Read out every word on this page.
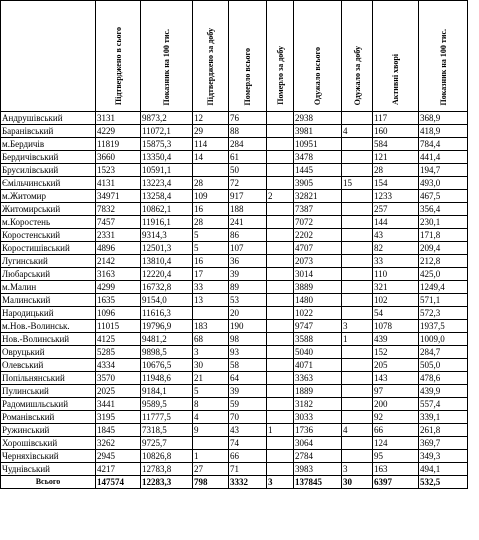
	Підтверджено в сього	Показник на 100 тис.	Підтверджено за добу	Померло всього	Померло за добу	Одужало всього	Одужало за добу	Активні хворі	Показник на 100 тис.
Андрушівський	3131	9873,2	12	76		2938		117	368,9
Баранівський	4229	11072,1	29	88		3981	4	160	418,9
м.Бердичів	11819	15875,3	114	284		10951		584	784,4
Бердичівський	3660	13350,4	14	61		3478		121	441,4
Брусилівський	1523	10591,1		50		1445		28	194,7
Ємільчинський	4131	13223,4	28	72		3905	15	154	493,0
м.Житомир	34971	13258,4	109	917	2	32821		1233	467,5
Житомирський	7832	10862,1	16	188		7387		257	356,4
м.Коростень	7457	11916,1	28	241		7072		144	230,1
Коростенський	2331	9314,3	5	86		2202		43	171,8
Коростишівський	4896	12501,3	5	107		4707		82	209,4
Лугинський	2142	13810,4	16	36		2073		33	212,8
Любарський	3163	12220,4	17	39		3014		110	425,0
м.Малин	4299	16732,8	33	89		3889		321	1249,4
Малинський	1635	9154,0	13	53		1480		102	571,1
Народицький	1096	11616,3		20		1022		54	572,3
м.Нов.-Волинськ.	11015	19796,9	183	190		9747	3	1078	1937,5
Нов.-Волинський	4125	9481,2	68	98		3588	1	439	1009,0
Овруцький	5285	9898,5	3	93		5040		152	284,7
Олевський	4334	10676,5	30	58		4071		205	505,0
Попільнянський	3570	11948,6	21	64		3363		143	478,6
Пулинський	2025	9184,1	5	39		1889		97	439,9
Радомишльський	3441	9589,5	8	59		3182		200	557,4
Романівський	3195	11777,5	4	70		3033		92	339,1
Ружинський	1845	7318,5	9	43	1	1736	4	66	261,8
Хорошівський	3262	9725,7		74		3064		124	369,7
Черняхівський	2945	10826,8	1	66		2784		95	349,3
Чуднівський	4217	12783,8	27	71		3983	3	163	494,1
Всього	147574	12283,3	798	3332	3	137845	30	6397	532,5
